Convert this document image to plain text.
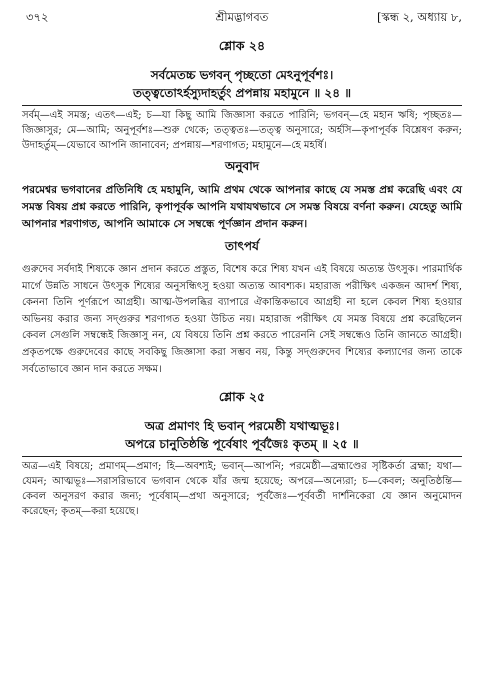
৩৭২	শ্রীমদ্ভাগবত	[স্কন্ধ ২, অধ্যায় ৮,
শ্লোক ২৪
সর্বমেতচ্চ ভগবন্ পৃচ্ছতো মেঽনুপূর্বশঃ।
তত্ত্বতোঽর্হস্যুদাহর্তুং প্রপন্নায় মহামুনে ॥ ২৪ ॥
সর্বম্—এই সমস্ত; এতৎ—এই; চ—যা কিছু আমি জিজ্ঞাসা করতে পারিনি; ভগবন্—হে মহান ঋষি; পৃচ্ছতঃ—জিজ্ঞাসুর; মে—আমি; অনুপূর্বশঃ—শুরু থেকে; তত্ত্বতঃ—তত্ত্ব অনুসারে; অর্হসি—কৃপাপূর্বক বিশ্লেষণ করুন; উদাহর্তুম্—যেভাবে আপনি জানাবেন; প্রপন্নায়—শরণাগত; মহামুনে—হে মহর্ষি।
অনুবাদ
পরমেশ্বর ভগবানের প্রতিনিধি হে মহামুনি, আমি প্রথম থেকে আপনার কাছে যে সমস্ত প্রশ্ন করেছি এবং যে সমস্ত বিষয় প্রশ্ন করতে পারিনি, কৃপাপূর্বক আপনি যথাযথভাবে সে সমস্ত বিষয়ে বর্ণনা করুন। যেহেতু আমি আপনার শরণাগত, আপনি আমাকে সে সম্বন্ধে পূর্ণজ্ঞান প্রদান করুন।
তাৎপর্য
গুরুদেব সর্বদাই শিষ্যকে জ্ঞান প্রদান করতে প্রস্তুত, বিশেষ করে শিষ্য যখন এই বিষয়ে অত্যন্ত উৎসুক। পারমার্থিক মার্গে উন্নতি সাধনে উৎসুক শিষ্যের অনুসন্ধিৎসু হওয়া অত্যন্ত আবশ্যক। মহারাজ পরীক্ষিৎ একজন আদর্শ শিষ্য, কেননা তিনি পূর্ণরূপে আগ্রহী। আত্ম-উপলব্ধির ব্যাপারে ঐকান্তিকভাবে আগ্রহী না হলে কেবল শিষ্য হওয়ার অভিনয় করার জন্য সদ্গুরুর শরণাগত হওয়া উচিত নয়। মহারাজ পরীক্ষিৎ যে সমস্ত বিষয়ে প্রশ্ন করেছিলেন কেবল সেগুলি সম্বন্ধেই জিজ্ঞাসু নন, যে বিষয়ে তিনি প্রশ্ন করতে পারেননি সেই সম্বন্ধেও তিনি জানতে আগ্রহী। প্রকৃতপক্ষে গুরুদেবের কাছে সবকিছু জিজ্ঞাসা করা সম্ভব নয়, কিন্তু সদ্গুরুদেব শিষ্যের কল্যাণের জন্য তাকে সর্বতোভাবে জ্ঞান দান করতে সক্ষম।
শ্লোক ২৫
অত্র প্রমাণং হি ভবান্ পরমেষ্ঠী যথাত্মভূঃ।
অপরে চানুতিষ্ঠন্তি পূর্বেষাং পূর্বজৈঃ কৃতম্ ॥ ২৫ ॥
অত্র—এই বিষয়ে; প্রমাণম্—প্রমাণ; হি—অবশ্যই; ভবান্—আপনি; পরমেষ্ঠী—ব্রহ্মাণ্ডের সৃষ্টিকর্তা ব্রহ্মা; যথা—যেমন; আত্মভূঃ—সরাসরিভাবে ভগবান থেকে যাঁর জন্ম হয়েছে; অপরে—অন্যেরা; চ—কেবল; অনুতিষ্ঠন্তি—কেবল অনুসরণ করার জন্য; পূর্বেষাম্—প্রথা অনুসারে; পূর্বজৈঃ—পূর্ববর্তী দার্শনিকেরা যে জ্ঞান অনুমোদন করেছেন; কৃতম্—করা হয়েছে।
